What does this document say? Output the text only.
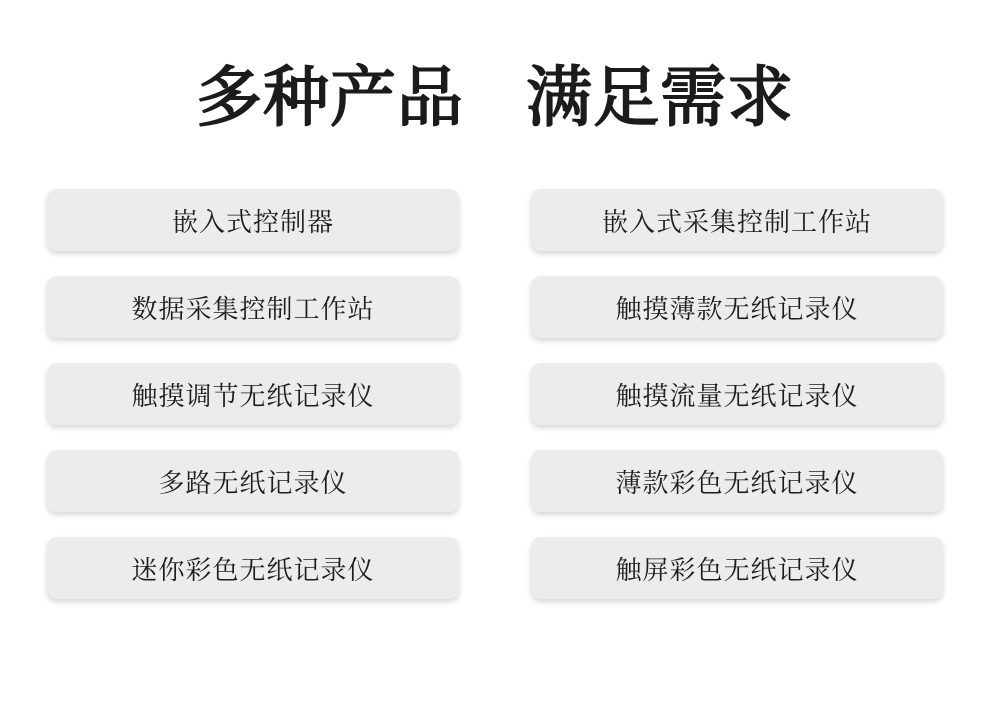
多种产品 满足需求
嵌入式控制器
数据采集控制工作站
触摸调节无纸记录仪
多路无纸记录仪
迷你彩色无纸记录仪
嵌入式采集控制工作站
触摸薄款无纸记录仪
触摸流量无纸记录仪
薄款彩色无纸记录仪
触屏彩色无纸记录仪
